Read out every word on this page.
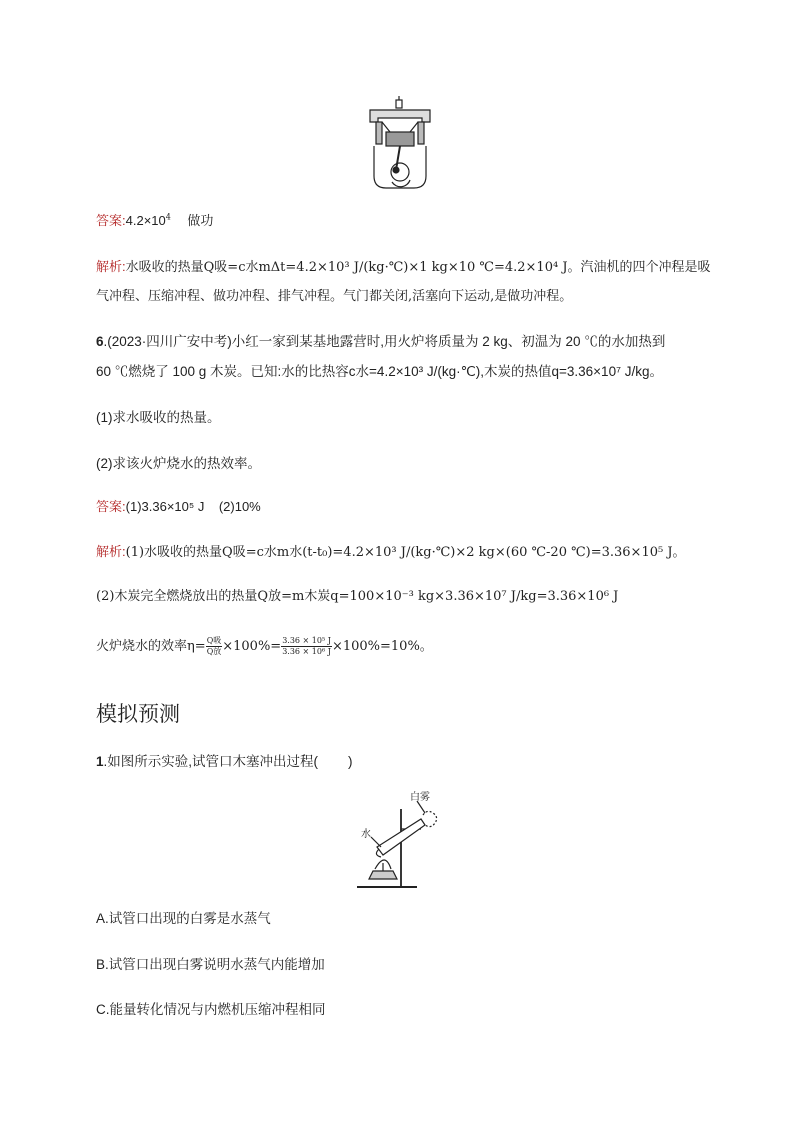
答案$:4.2\times 10^4$ 做功
解析:水吸收的热量Q吸=c水mΔt=4.2×10³ J/(kg·℃)×1 kg×10 ℃=4.2×10⁴ J。汽油机的四个冲程是吸
气冲程、压缩冲程、做功冲程、排气冲程。气门都关闭,活塞向下运动,是做功冲程。
6.(2023·四川广安中考)小红一家到某基地露营时,用火炉将质量为 2 kg、初温为 20 ℃的水加热到
60 ℃燃烧了 100 g 木炭。已知:水的比热容c水=4.2×10³ J/(kg·℃),木炭的热值q=3.36×10⁷ J/kg。
(1)求水吸收的热量。
(2)求该火炉烧水的热效率。
答案:(1)3.36×10⁵ J    (2)10%
解析:(1)水吸收的热量Q吸=c水m水(t-t₀)=4.2×10³ J/(kg·℃)×2 kg×(60 ℃-20 ℃)=3.36×10⁵ J。
(2)木炭完全燃烧放出的热量Q放=m木炭q=100×10⁻³ kg×3.36×10⁷ J/kg=3.36×10⁶ J
火炉烧水的效率$\eta= \frac{\text{Q吸}}{\text{Q放}} \times 100\%= \frac{\text{3.36 × 10⁵ J}}{\text{3.36 × 10⁶ J}} \times 100\%=10\%$。
模拟预测
1.如图所示实验,试管口木塞冲出过程(        )
白雾
水
A.试管口出现的白雾是水蒸气
B.试管口出现白雾说明水蒸气内能增加
C.能量转化情况与内燃机压缩冲程相同
